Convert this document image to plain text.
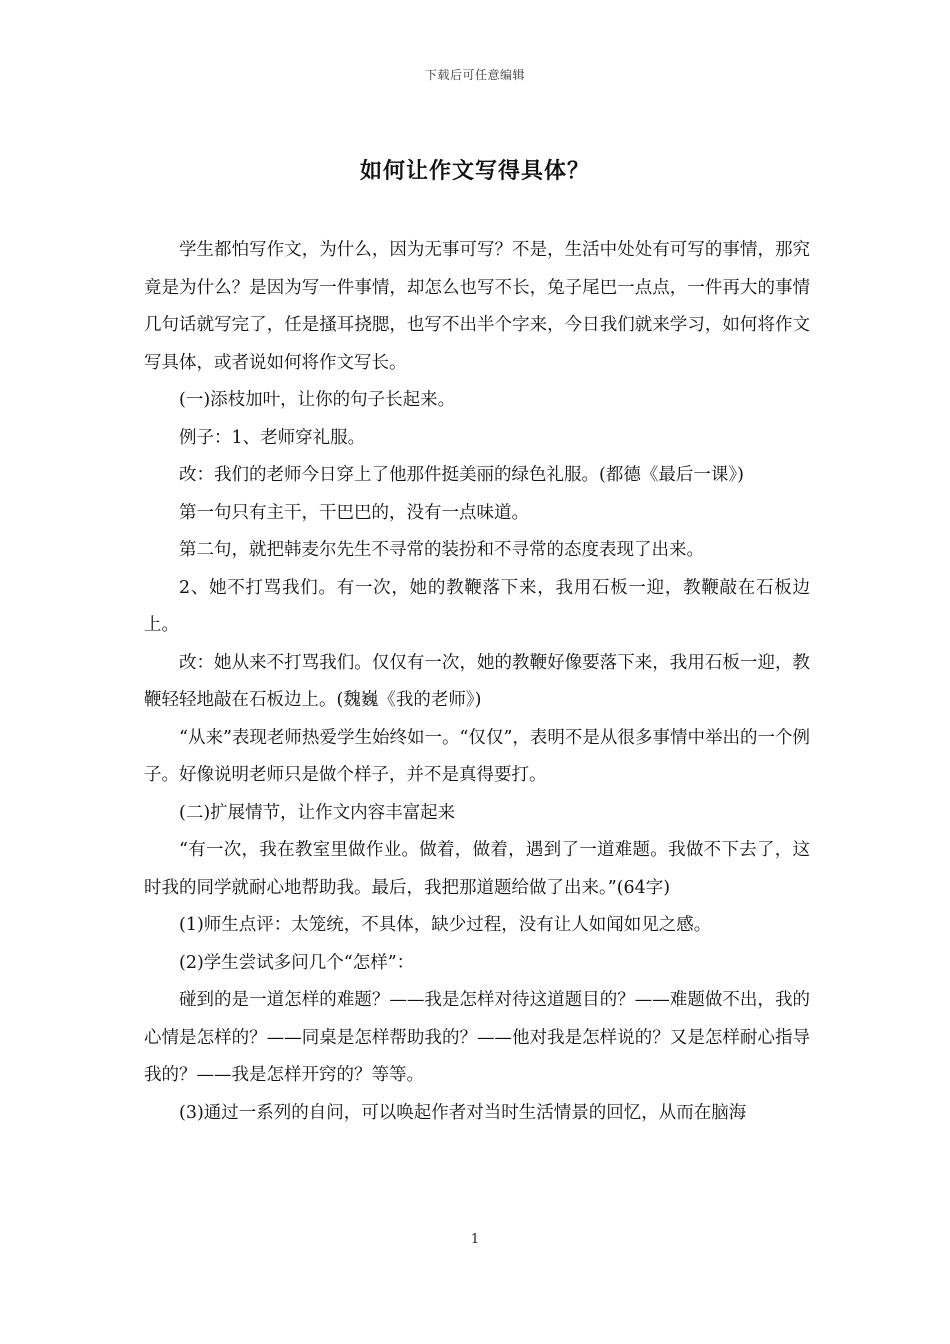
下载后可任意编辑
如何让作文写得具体？

学生都怕写作文，为什么，因为无事可写？不是，生活中处处有可写的事情，那究竟是为什么？是因为写一件事情，却怎么也写不长，兔子尾巴一点点，一件再大的事情几句话就写完了，任是搔耳挠腮，也写不出半个字来，今日我们就来学习，如何将作文写具体，或者说如何将作文写长。

(一)添枝加叶，让你的句子长起来。

例子：1、老师穿礼服。

改：我们的老师今日穿上了他那件挺美丽的绿色礼服。(都德《最后一课》)

第一句只有主干，干巴巴的，没有一点味道。

第二句，就把韩麦尔先生不寻常的装扮和不寻常的态度表现了出来。

2、她不打骂我们。有一次，她的教鞭落下来，我用石板一迎，教鞭敲在石板边上。

改：她从来不打骂我们。仅仅有一次，她的教鞭好像要落下来，我用石板一迎，教鞭轻轻地敲在石板边上。(魏巍《我的老师》)

“从来”表现老师热爱学生始终如一。“仅仅”，表明不是从很多事情中举出的一个例子。好像说明老师只是做个样子，并不是真得要打。

(二)扩展情节，让作文内容丰富起来

“有一次，我在教室里做作业。做着，做着，遇到了一道难题。我做不下去了，这时我的同学就耐心地帮助我。最后，我把那道题给做了出来。”(64字)

(1)师生点评：太笼统，不具体，缺少过程，没有让人如闻如见之感。

(2)学生尝试多问几个“怎样”：

碰到的是一道怎样的难题？——我是怎样对待这道题目的？——难题做不出，我的心情是怎样的？——同桌是怎样帮助我的？——他对我是怎样说的？又是怎样耐心指导我的？——我是怎样开窍的？等等。

(3)通过一系列的自问，可以唤起作者对当时生活情景的回忆，从而在脑海

1
